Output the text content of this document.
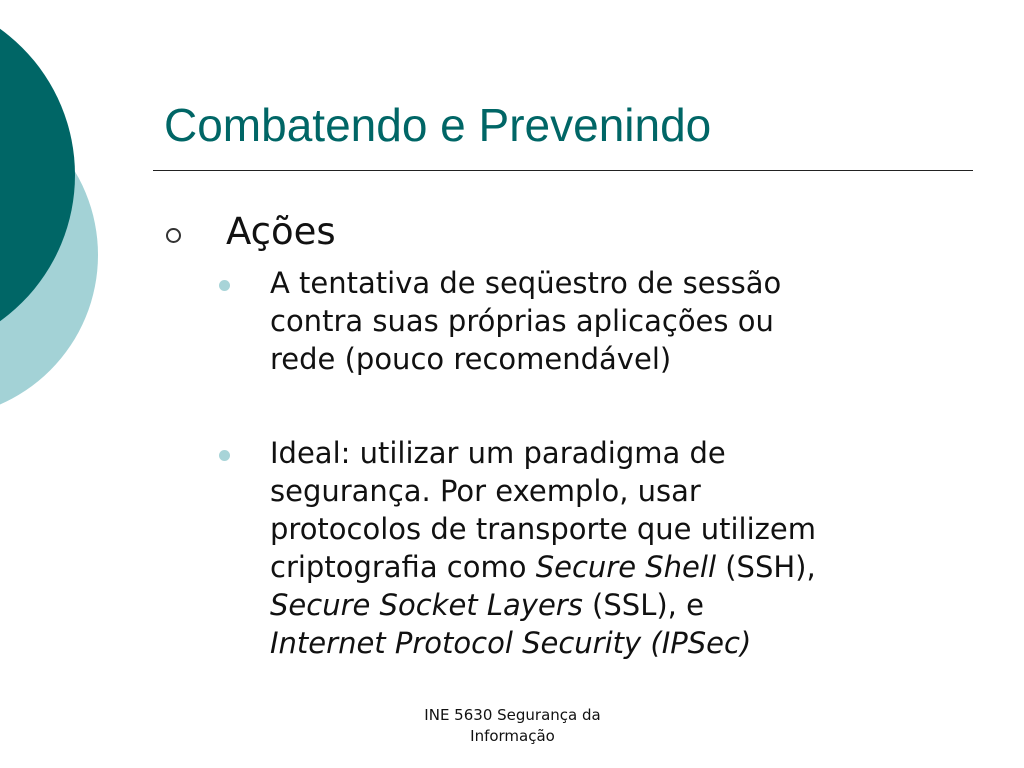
Combatendo e Prevenindo
Ações
A tentativa de seqüestro de sessão
contra suas próprias aplicações ou
rede (pouco recomendável)
Ideal: utilizar um paradigma de
segurança. Por exemplo, usar
protocolos de transporte que utilizem
criptografia como Secure Shell (SSH),
Secure Socket Layers (SSL), e
Internet Protocol Security (IPSec)
INE 5630 Segurança da
Informação
